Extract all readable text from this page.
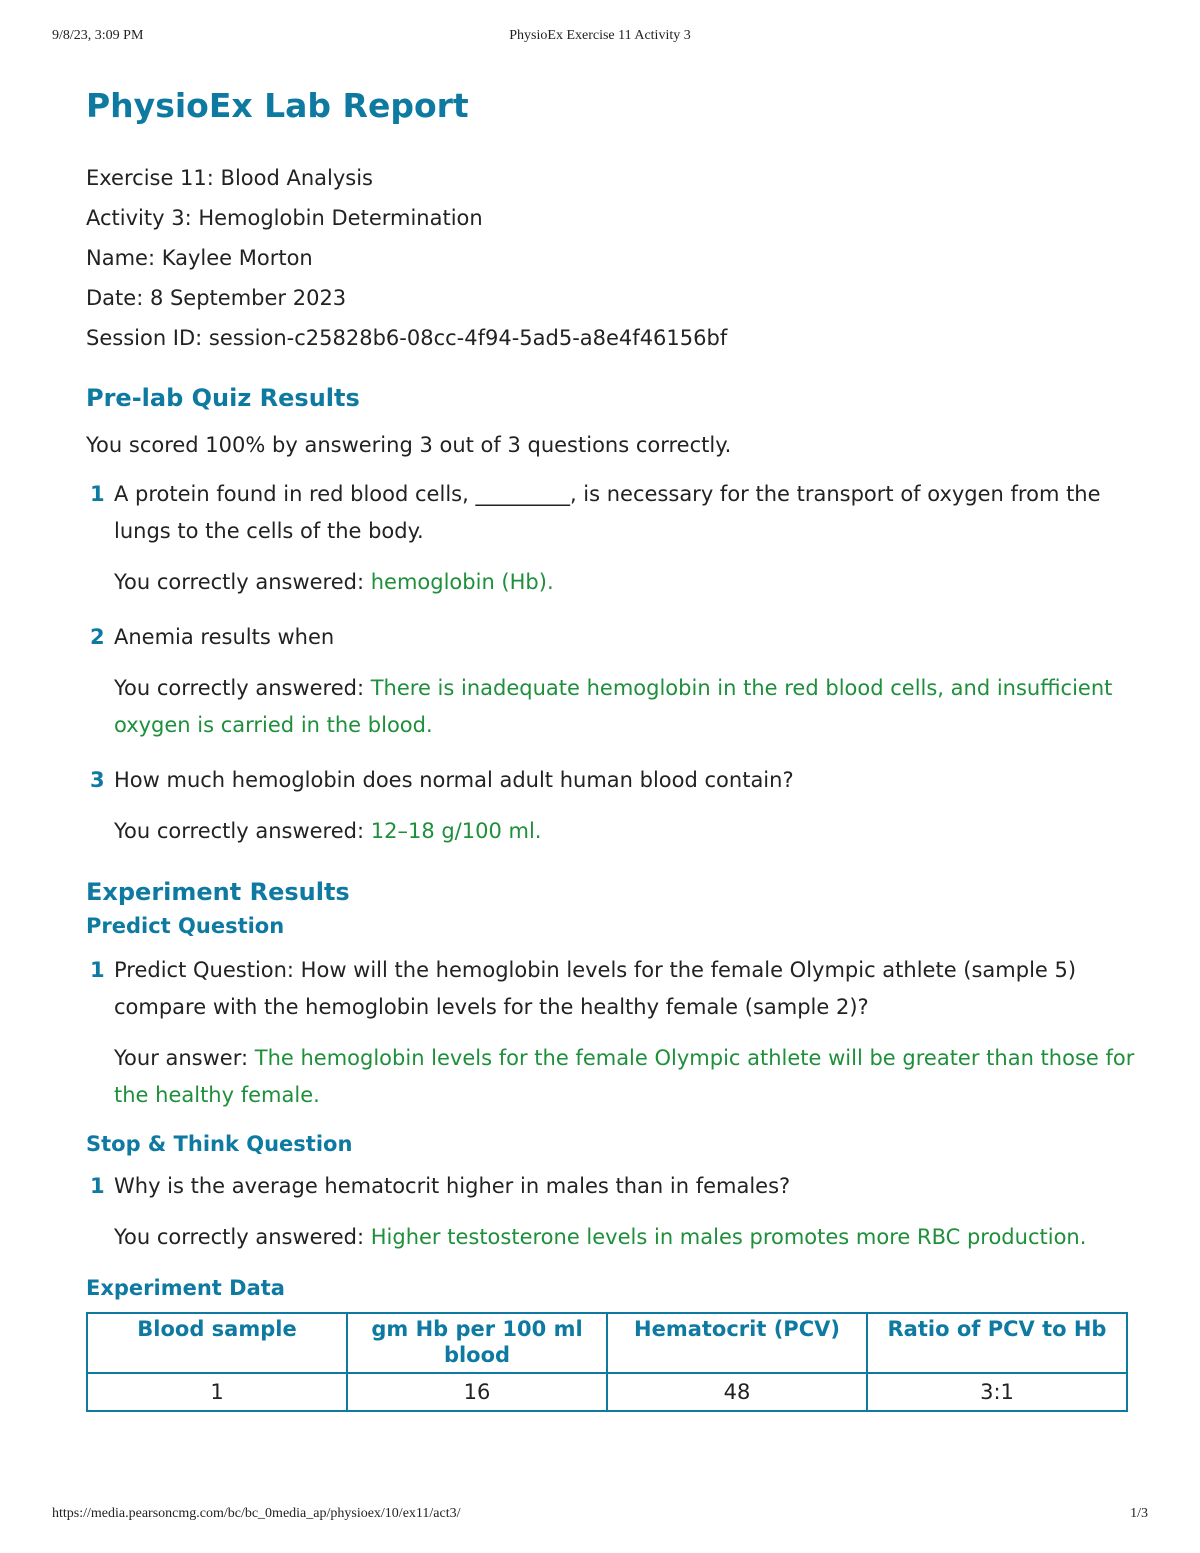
9/8/23, 3:09 PM	PhysioEx Exercise 11 Activity 3
PhysioEx Lab Report
Exercise 11: Blood Analysis
Activity 3: Hemoglobin Determination
Name: Kaylee Morton
Date: 8 September 2023
Session ID: session-c25828b6-08cc-4f94-5ad5-a8e4f46156bf
Pre-lab Quiz Results
You scored 100% by answering 3 out of 3 questions correctly.
1 A protein found in red blood cells, _________, is necessary for the transport of oxygen from the lungs to the cells of the body.
You correctly answered: hemoglobin (Hb).
2 Anemia results when
You correctly answered: There is inadequate hemoglobin in the red blood cells, and insufficient oxygen is carried in the blood.
3 How much hemoglobin does normal adult human blood contain?
You correctly answered: 12–18 g/100 ml.
Experiment Results
Predict Question
1 Predict Question: How will the hemoglobin levels for the female Olympic athlete (sample 5) compare with the hemoglobin levels for the healthy female (sample 2)?
Your answer: The hemoglobin levels for the female Olympic athlete will be greater than those for the healthy female.
Stop & Think Question
1 Why is the average hematocrit higher in males than in females?
You correctly answered: Higher testosterone levels in males promotes more RBC production.
Experiment Data
Blood sample	gm Hb per 100 ml blood	Hematocrit (PCV)	Ratio of PCV to Hb
1	16	48	3:1
https://media.pearsoncmg.com/bc/bc_0media_ap/physioex/10/ex11/act3/	1/3
